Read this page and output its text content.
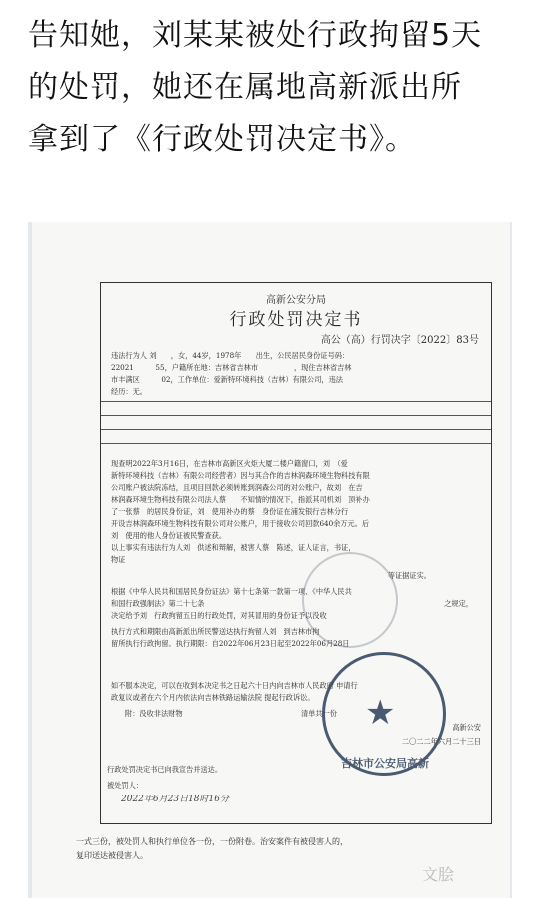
告知她，刘某某被处行政拘留5天
的处罚，她还在属地高新派出所
拿到了《行政处罚决定书》。
高新公安分局
行政处罚决定书
高公（高）行罚决字〔2022〕83号
违法行为人 刘　　，女，44岁，1978年　　出生，公民居民身份证号码：
22021　　　55，户籍所在地：吉林省吉林市　　　　　，现住吉林省吉林
市丰满区　　　02，工作单位：爱新特环境科技（吉林）有限公司，违法
经历：无。
现查明2022年3月16日，在吉林市高新区火炬大厦二楼户籍窗口，刘　（爱
新特环境科技（吉林）有限公司经营者）因与其合作的吉林润森环境生物科技有限
公司账户被法院冻结，且项目回款必须转账到润森公司的对公账户，故刘　在吉
林润森环境生物科技有限公司法人蔡　　不知情的情况下，指派其司机刘　顶补办
了一张蔡　的居民身份证，刘　使用补办的蔡　身份证在浦发银行吉林分行
开设吉林润森环境生物科技有限公司对公账户，用于接收公司回款640余万元。后
刘　使用的他人身份证被民警查获。
以上事实有违法行为人刘　供述和辩解，被害人蔡　陈述，证人证言，书证，
物证
等证据证实。
根据《中华人民共和国居民身份证法》第十七条第一款第一项、《中华人民共
和国行政强制法》第二十七条	之规定，
决定给予刘　行政拘留五日的行政处罚，对其冒用的身份证予以没收
执行方式和期限由高新派出所民警送达执行拘留人刘　到吉林市拘
留所执行行政拘留。执行期限：自2022年06月23日起至2022年06月28日
如不服本决定，可以在收到本决定书之日起六十日内向吉林市人民政府 申请行
政复议或者在六个月内依法向吉林铁路运输法院 提起行政诉讼。
附：没收非法财物	清单共一份
高新公安
二〇二二年六月二十三日
行政处罚决定书已向我宣告并送达。
被处罚人：
2022年6月23日18时16分
★
吉林市公安局高新
一式三份，被处罚人和执行单位各一份，一份附卷。治安案件有被侵害人的，
复印送达被侵害人。
文脍
